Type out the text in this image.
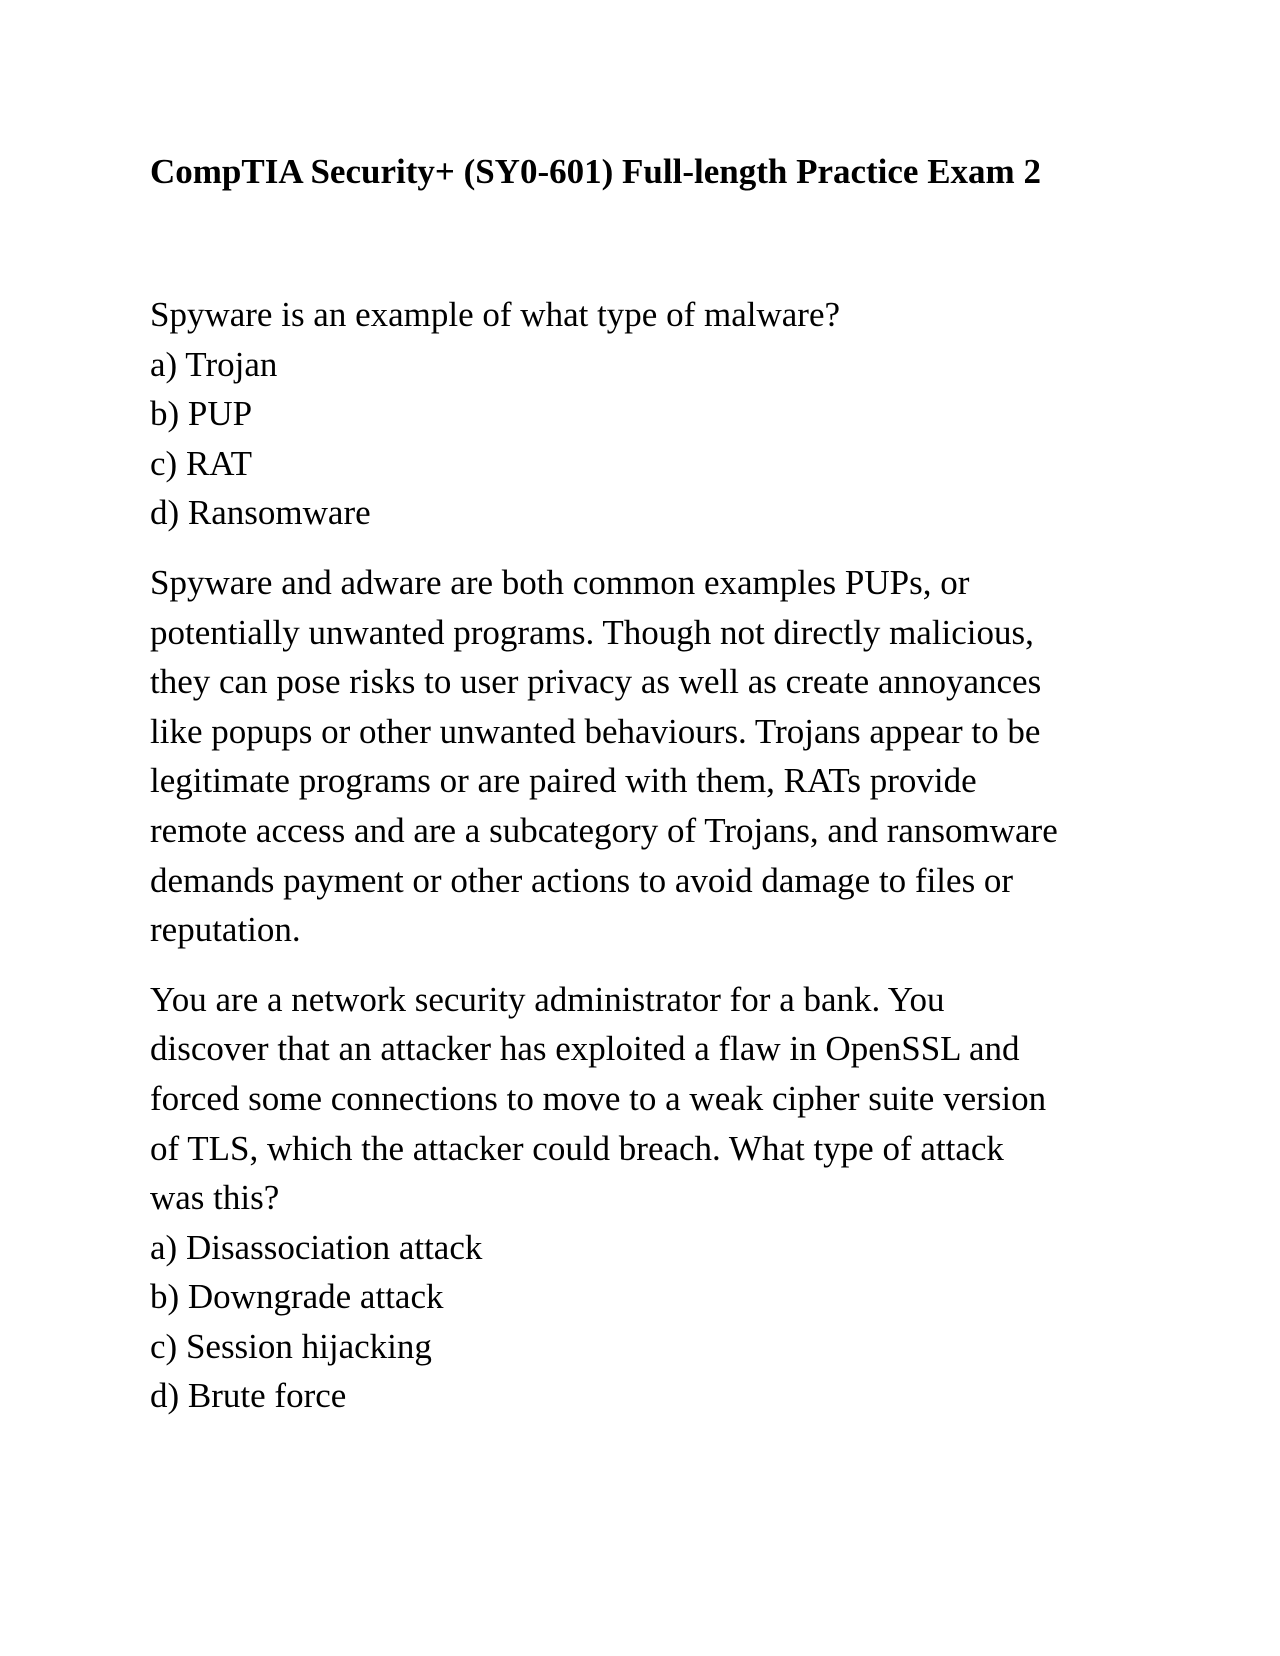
CompTIA Security+ (SY0-601) Full-length Practice Exam 2
Spyware is an example of what type of malware?
a) Trojan
b) PUP
c) RAT
d) Ransomware
Spyware and adware are both common examples PUPs, or
potentially unwanted programs. Though not directly malicious,
they can pose risks to user privacy as well as create annoyances
like popups or other unwanted behaviours. Trojans appear to be
legitimate programs or are paired with them, RATs provide
remote access and are a subcategory of Trojans, and ransomware
demands payment or other actions to avoid damage to files or
reputation.
You are a network security administrator for a bank. You
discover that an attacker has exploited a flaw in OpenSSL and
forced some connections to move to a weak cipher suite version
of TLS, which the attacker could breach. What type of attack
was this?
a) Disassociation attack
b) Downgrade attack
c) Session hijacking
d) Brute force
